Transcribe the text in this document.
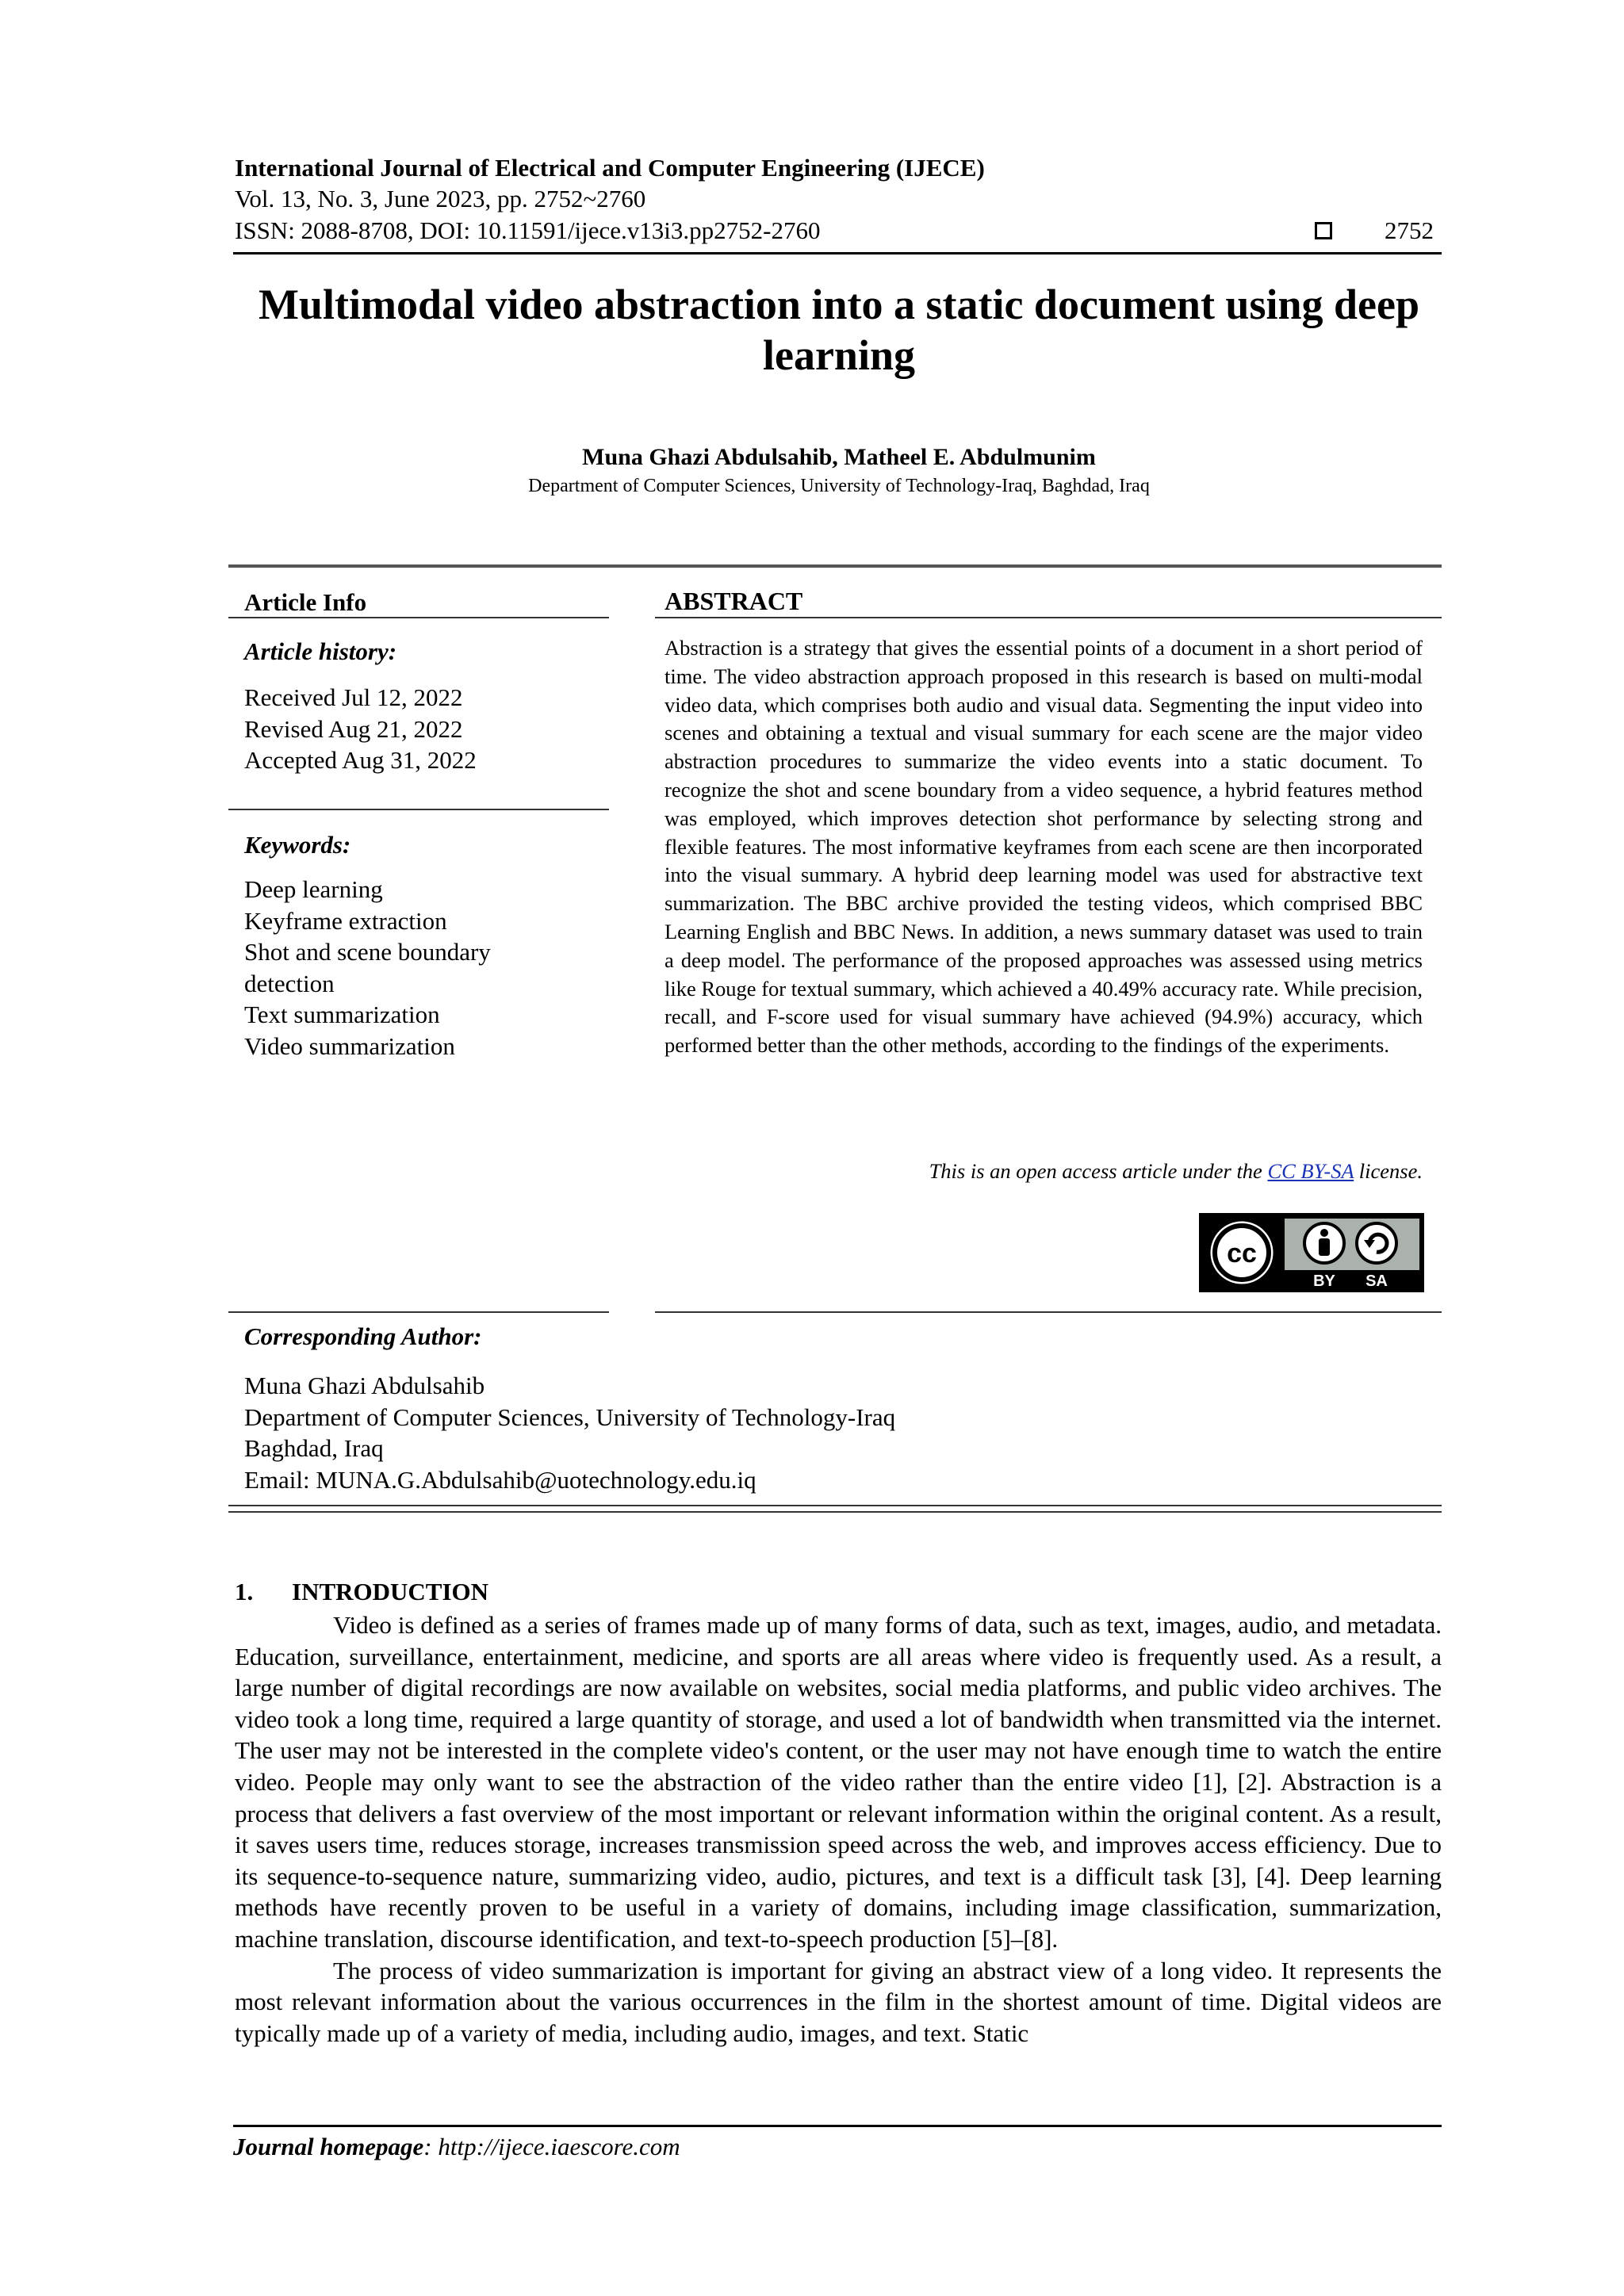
International Journal of Electrical and Computer Engineering (IJECE)
Vol. 13, No. 3, June 2023, pp. 2752~2760
ISSN: 2088-8708, DOI: 10.11591/ijece.v13i3.pp2752-2760	2752
Multimodal video abstraction into a static document using deep learning
Muna Ghazi Abdulsahib, Matheel E. Abdulmunim
Department of Computer Sciences, University of Technology-Iraq, Baghdad, Iraq
Article Info
Article history:
Received Jul 12, 2022
Revised Aug 21, 2022
Accepted Aug 31, 2022
Keywords:
Deep learning
Keyframe extraction
Shot and scene boundary
detection
Text summarization
Video summarization
ABSTRACT
Abstraction is a strategy that gives the essential points of a document in a short period of time. The video abstraction approach proposed in this research is based on multi-modal video data, which comprises both audio and visual data. Segmenting the input video into scenes and obtaining a textual and visual summary for each scene are the major video abstraction procedures to summarize the video events into a static document. To recognize the shot and scene boundary from a video sequence, a hybrid features method was employed, which improves detection shot performance by selecting strong and flexible features. The most informative keyframes from each scene are then incorporated into the visual summary. A hybrid deep learning model was used for abstractive text summarization. The BBC archive provided the testing videos, which comprised BBC Learning English and BBC News. In addition, a news summary dataset was used to train a deep model. The performance of the proposed approaches was assessed using metrics like Rouge for textual summary, which achieved a 40.49% accuracy rate. While precision, recall, and F-score used for visual summary have achieved (94.9%) accuracy, which performed better than the other methods, according to the findings of the experiments.
This is an open access article under the CC BY-SA license.
cc
BY SA
Corresponding Author:
Muna Ghazi Abdulsahib
Department of Computer Sciences, University of Technology-Iraq
Baghdad, Iraq
Email: MUNA.G.Abdulsahib@uotechnology.edu.iq
1. INTRODUCTION

Video is defined as a series of frames made up of many forms of data, such as text, images, audio, and metadata. Education, surveillance, entertainment, medicine, and sports are all areas where video is frequently used. As a result, a large number of digital recordings are now available on websites, social media platforms, and public video archives. The video took a long time, required a large quantity of storage, and used a lot of bandwidth when transmitted via the internet. The user may not be interested in the complete video's content, or the user may not have enough time to watch the entire video. People may only want to see the abstraction of the video rather than the entire video [1], [2]. Abstraction is a process that delivers a fast overview of the most important or relevant information within the original content. As a result, it saves users time, reduces storage, increases transmission speed across the web, and improves access efficiency. Due to its sequence-to-sequence nature, summarizing video, audio, pictures, and text is a difficult task [3], [4]. Deep learning methods have recently proven to be useful in a variety of domains, including image classification, summarization, machine translation, discourse identification, and text-to-speech production [5]–[8].

The process of video summarization is important for giving an abstract view of a long video. It represents the most relevant information about the various occurrences in the film in the shortest amount of time. Digital videos are typically made up of a variety of media, including audio, images, and text. Static

Journal homepage: http://ijece.iaescore.com
